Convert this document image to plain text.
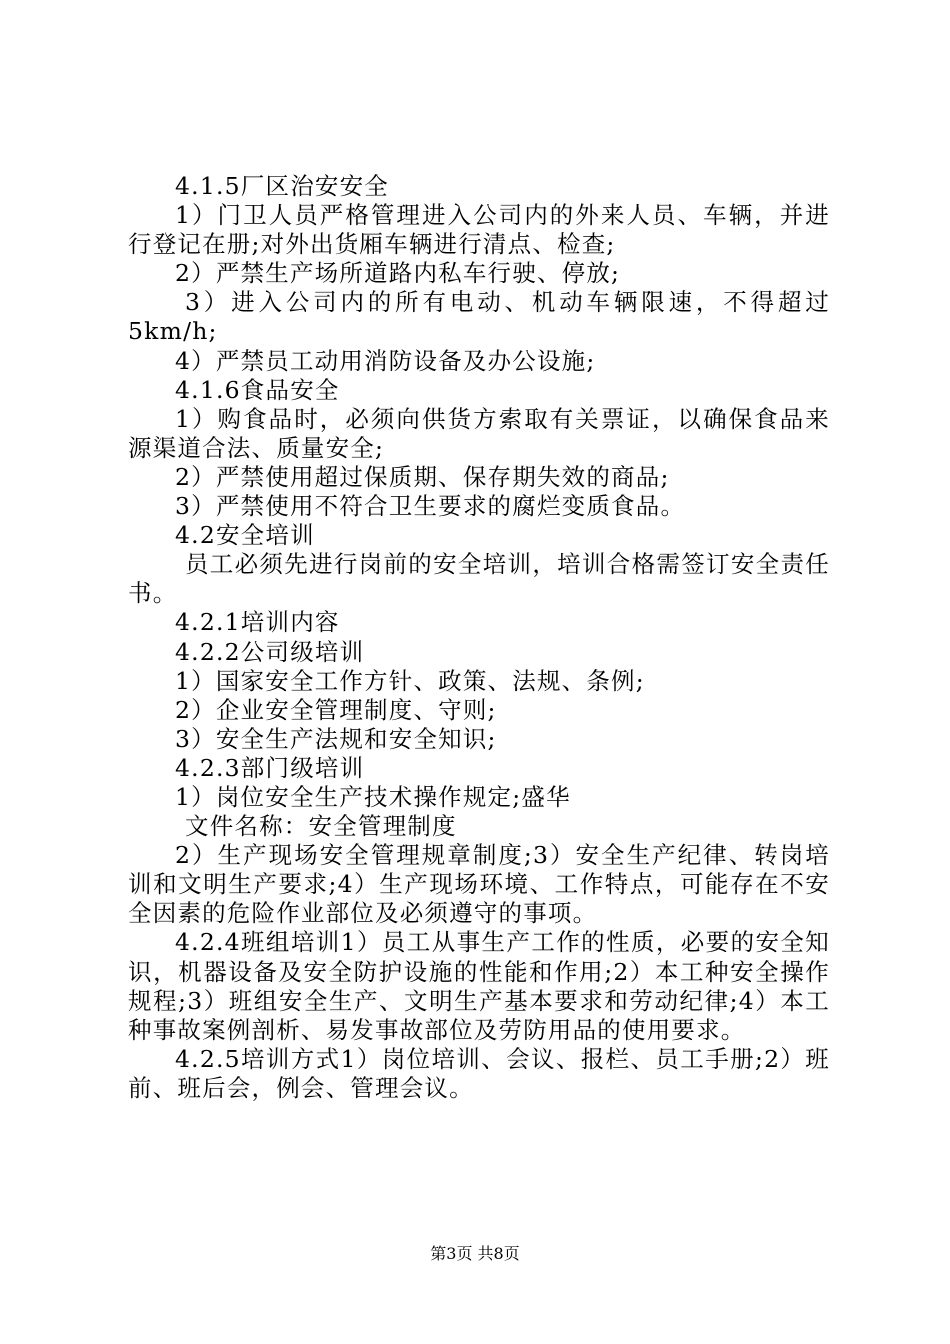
4.1.5厂区治安安全

1）门卫人员严格管理进入公司内的外来人员、车辆，并进行登记在册;对外出货厢车辆进行清点、检查;

2）严禁生产场所道路内私车行驶、停放;

3）进入公司内的所有电动、机动车辆限速，不得超过5km/h;

4）严禁员工动用消防设备及办公设施;

4.1.6食品安全

1）购食品时，必须向供货方索取有关票证，以确保食品来源渠道合法、质量安全;

2）严禁使用超过保质期、保存期失效的商品;

3）严禁使用不符合卫生要求的腐烂变质食品。

4.2安全培训

员工必须先进行岗前的安全培训，培训合格需签订安全责任书。

4.2.1培训内容

4.2.2公司级培训

1）国家安全工作方针、政策、法规、条例;

2）企业安全管理制度、守则;

3）安全生产法规和安全知识;

4.2.3部门级培训

1）岗位安全生产技术操作规定;盛华

文件名称：安全管理制度

2）生产现场安全管理规章制度;3）安全生产纪律、转岗培训和文明生产要求;4）生产现场环境、工作特点，可能存在不安全因素的危险作业部位及必须遵守的事项。

4.2.4班组培训1）员工从事生产工作的性质，必要的安全知识，机器设备及安全防护设施的性能和作用;2）本工种安全操作规程;3）班组安全生产、文明生产基本要求和劳动纪律;4）本工种事故案例剖析、易发事故部位及劳防用品的使用要求。

4.2.5培训方式1）岗位培训、会议、报栏、员工手册;2）班前、班后会，例会、管理会议。

第3页 共8页
